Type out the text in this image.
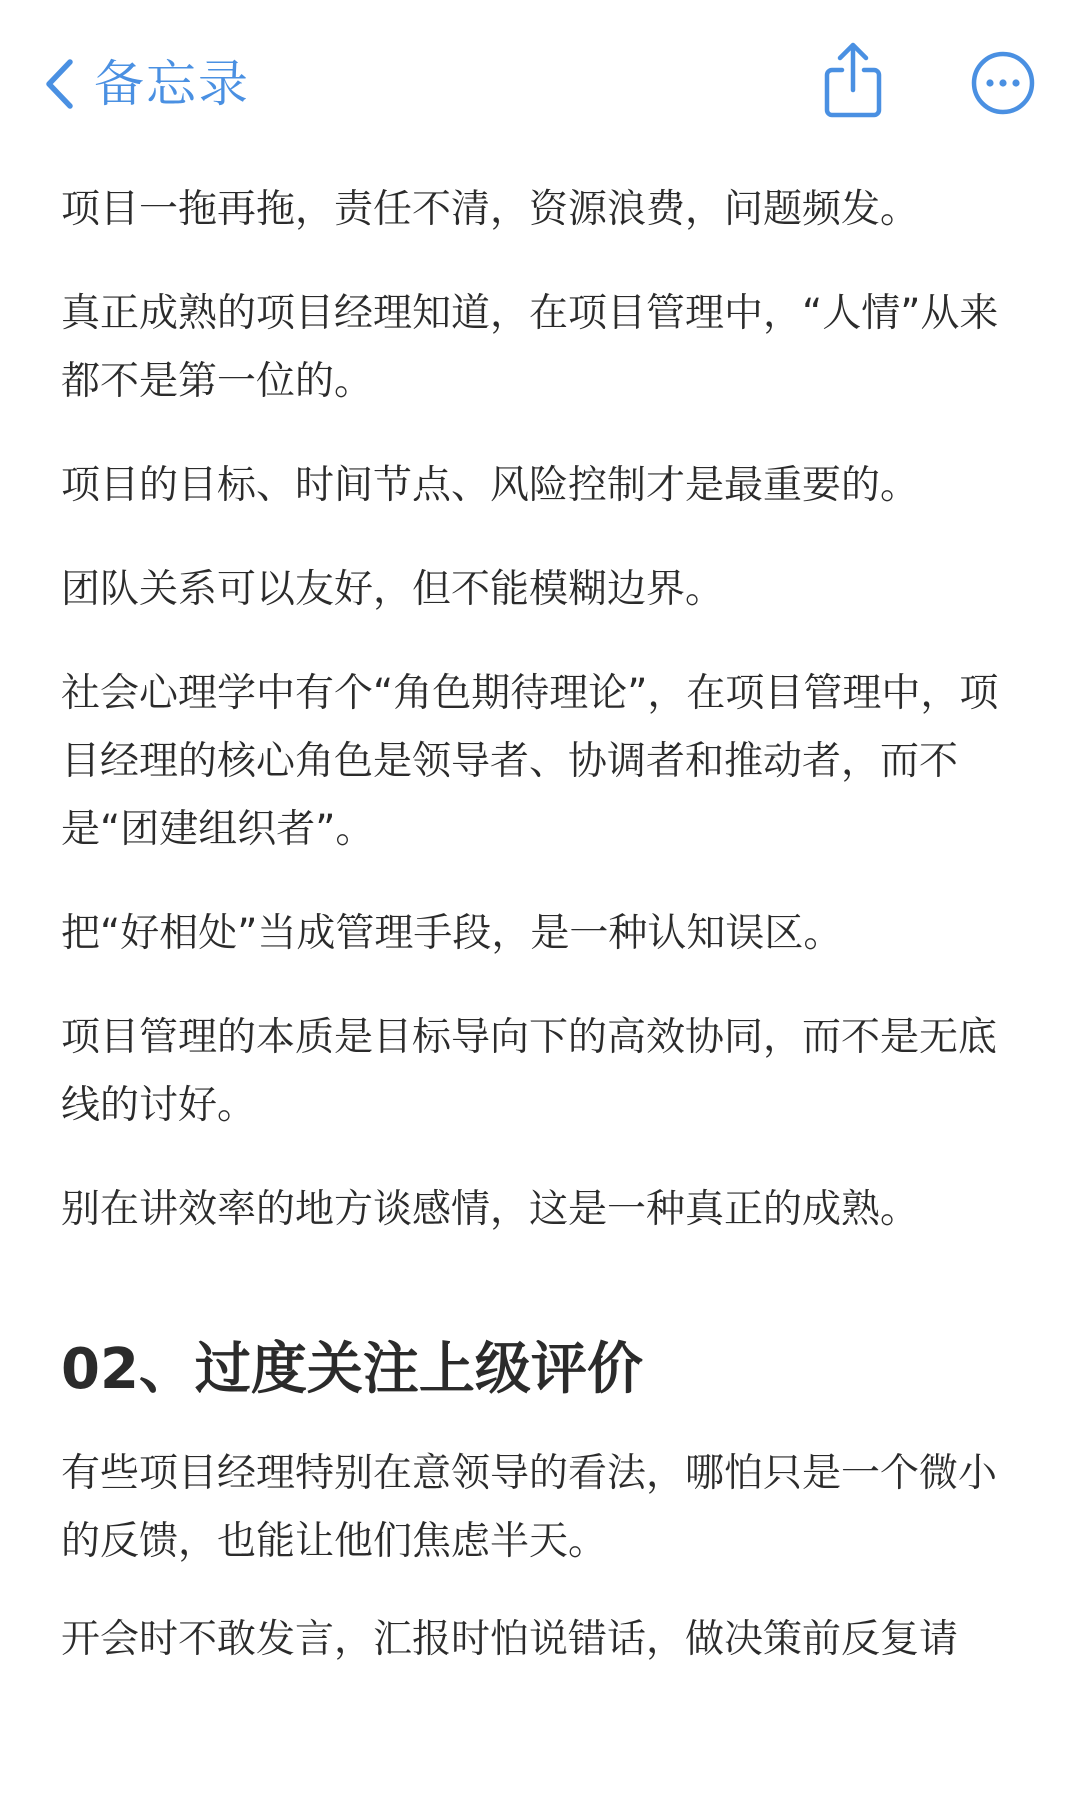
备忘录

项目一拖再拖，责任不清，资源浪费，问题频发。

真正成熟的项目经理知道，在项目管理中，“人情”从来都不是第一位的。

项目的目标、时间节点、风险控制才是最重要的。

团队关系可以友好，但不能模糊边界。

社会心理学中有个“角色期待理论”，在项目管理中，项目经理的核心角色是领导者、协调者和推动者，而不是“团建组织者”。

把“好相处”当成管理手段，是一种认知误区。

项目管理的本质是目标导向下的高效协同，而不是无底线的讨好。

别在讲效率的地方谈感情，这是一种真正的成熟。

02、过度关注上级评价

有些项目经理特别在意领导的看法，哪怕只是一个微小的反馈，也能让他们焦虑半天。

开会时不敢发言，汇报时怕说错话，做决策前反复请
